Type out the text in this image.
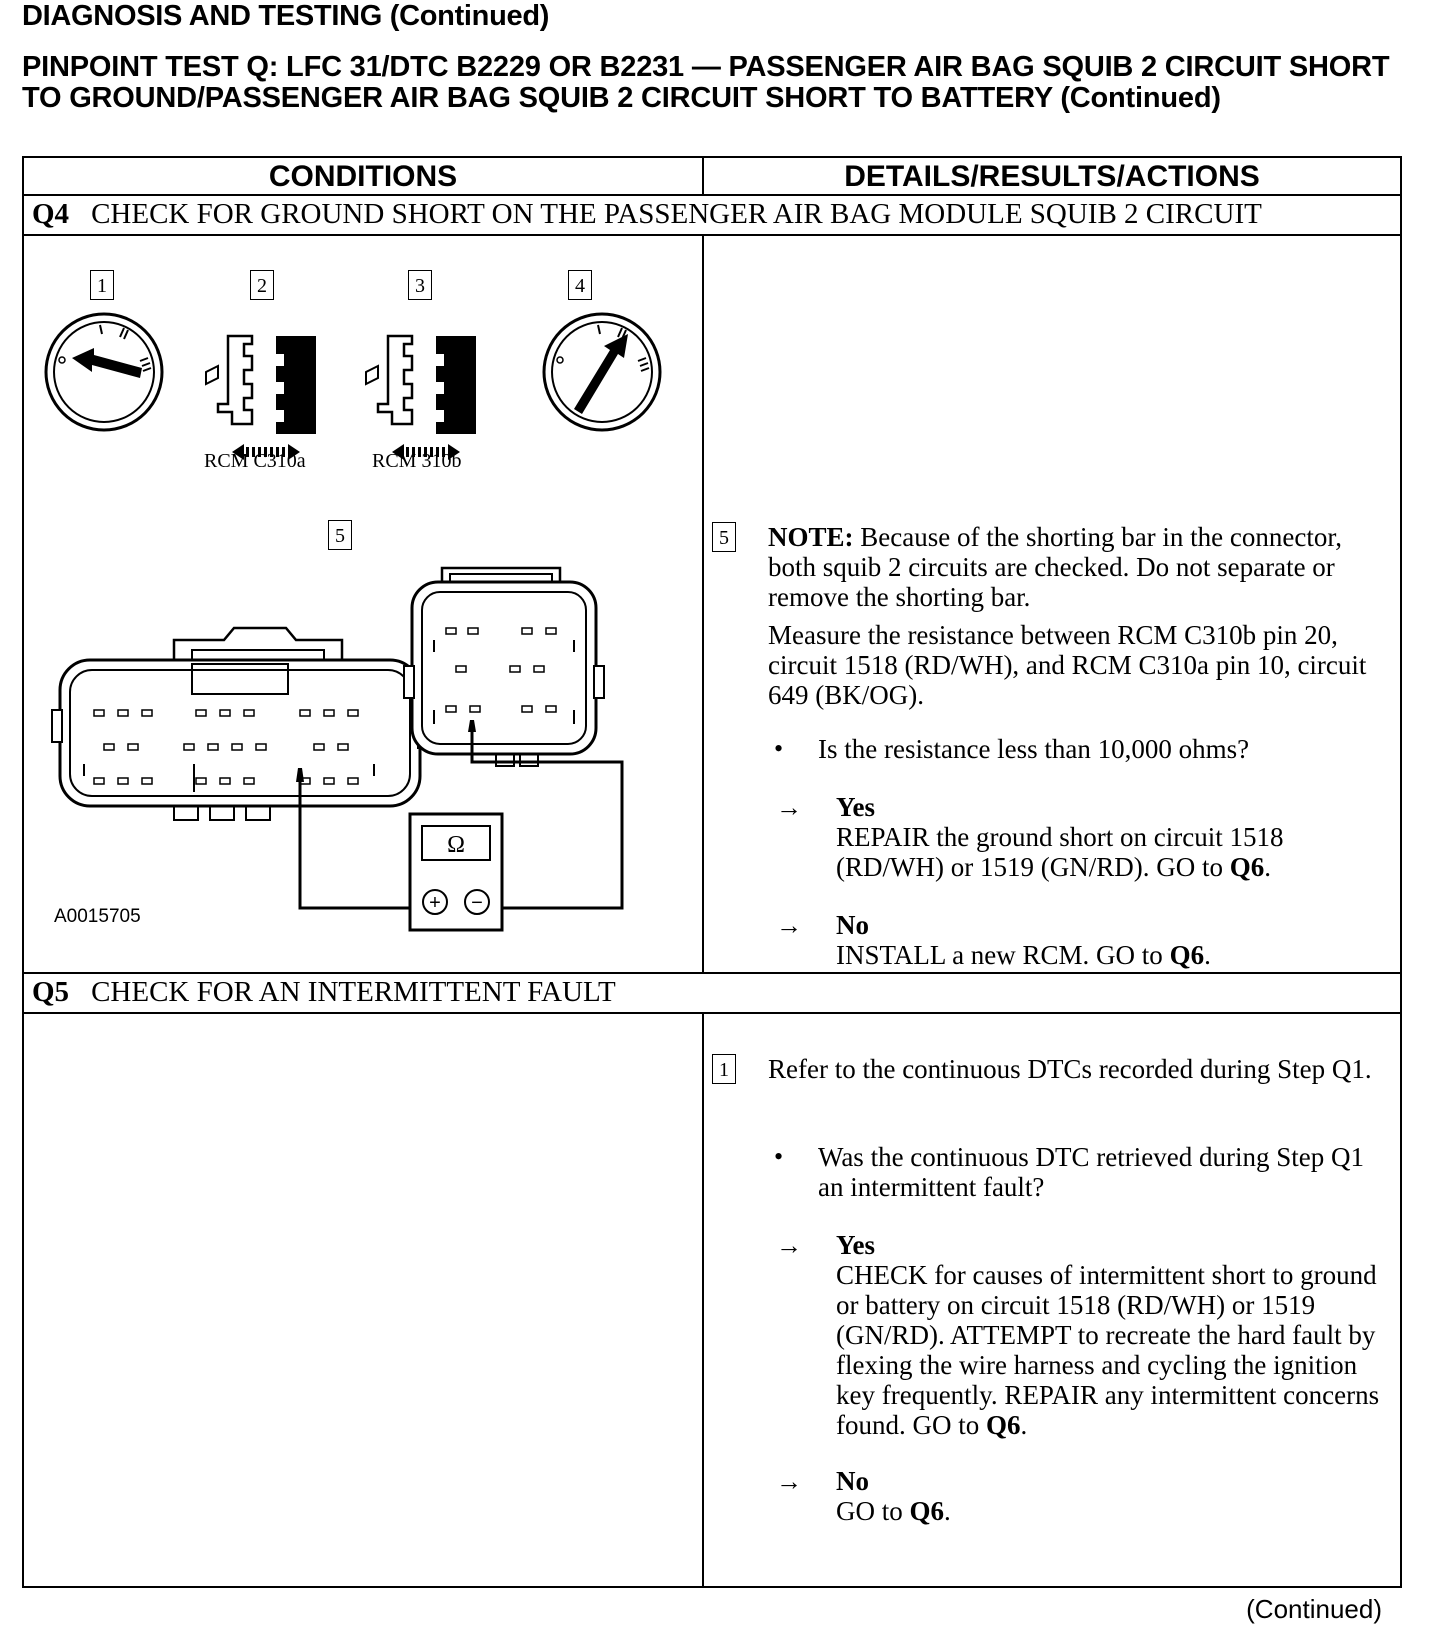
DIAGNOSIS AND TESTING (Continued)
PINPOINT TEST Q: LFC 31/DTC B2229 OR B2231 — PASSENGER AIR BAG SQUIB 2 CIRCUIT SHORT TO GROUND/PASSENGER AIR BAG SQUIB 2 CIRCUIT SHORT TO BATTERY (Continued)
CONDITIONS	DETAILS/RESULTS/ACTIONS
Q4 CHECK FOR GROUND SHORT ON THE PASSENGER AIR BAG MODULE SQUIB 2 CIRCUIT
Ω
+ −
1	2	3	4
RCM C310a	RCM 310b
5
A0015705
5 NOTE: Because of the shorting bar in the connector, both squib 2 circuits are checked. Do not separate or remove the shorting bar.
Measure the resistance between RCM C310b pin 20, circuit 1518 (RD/WH), and RCM C310a pin 10, circuit 649 (BK/OG).
• Is the resistance less than 10,000 ohms?
→ Yes
REPAIR the ground short on circuit 1518 (RD/WH) or 1519 (GN/RD). GO to Q6.
→ No
INSTALL a new RCM. GO to Q6.
Q5 CHECK FOR AN INTERMITTENT FAULT
1 Refer to the continuous DTCs recorded during Step Q1.
• Was the continuous DTC retrieved during Step Q1 an intermittent fault?
→ Yes
CHECK for causes of intermittent short to ground or battery on circuit 1518 (RD/WH) or 1519 (GN/RD). ATTEMPT to recreate the hard fault by flexing the wire harness and cycling the ignition key frequently. REPAIR any intermittent concerns found. GO to Q6.
→ No
GO to Q6.
(Continued)
